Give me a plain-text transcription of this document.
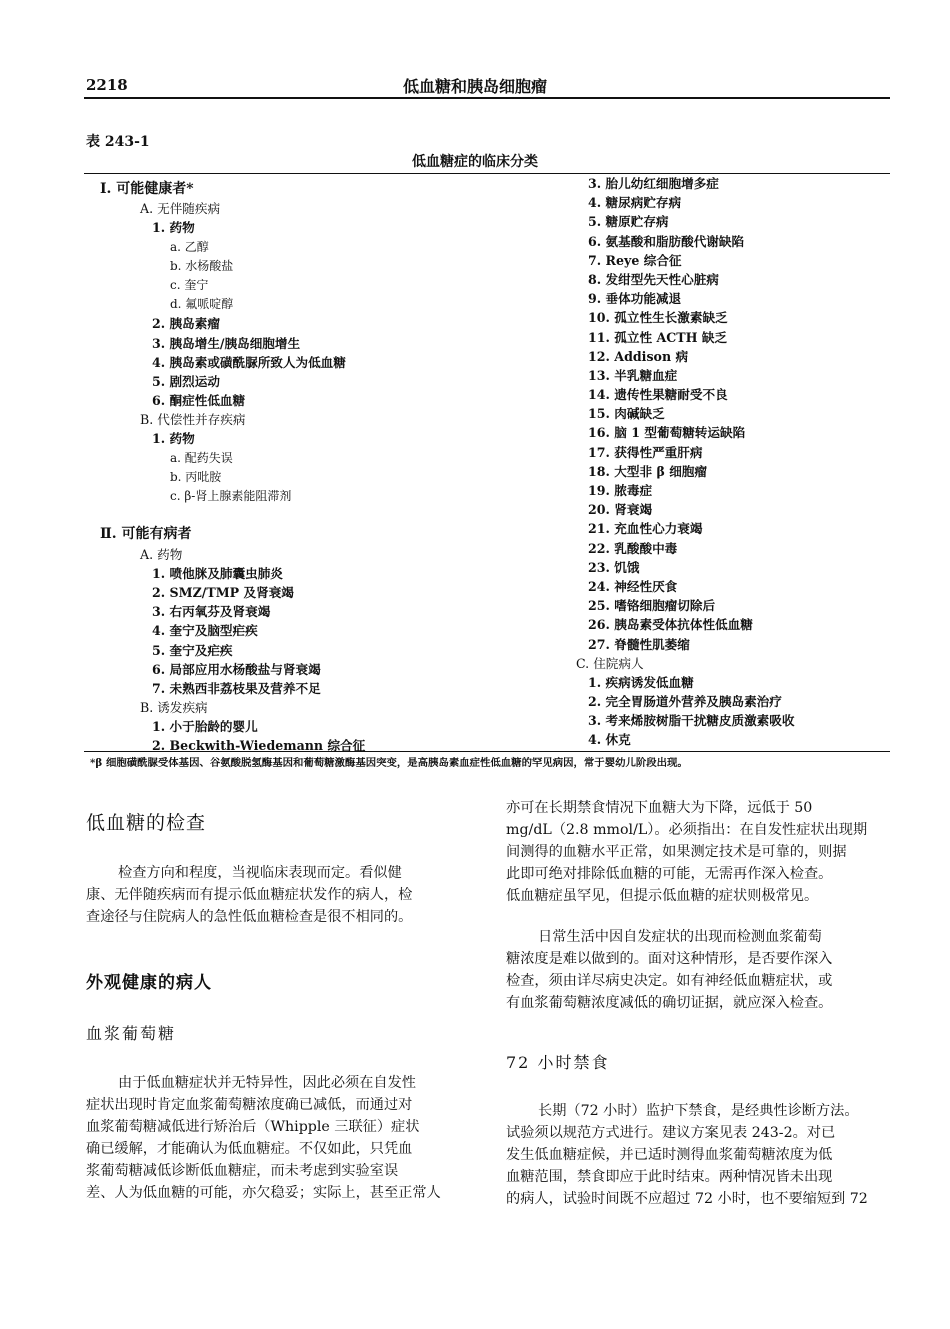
2218	低血糖和胰岛细胞瘤
表 243-1
低血糖症的临床分类
Ⅰ. 可能健康者*
A. 无伴随疾病
1. 药物
a. 乙醇
b. 水杨酸盐
c. 奎宁
d. 氟哌啶醇
2. 胰岛素瘤
3. 胰岛增生/胰岛细胞增生
4. 胰岛素或磺酰脲所致人为低血糖
5. 剧烈运动
6. 酮症性低血糖
B. 代偿性并存疾病
1. 药物
a. 配药失误
b. 丙吡胺
c. β-肾上腺素能阻滞剂
Ⅱ. 可能有病者
A. 药物
1. 喷他脒及肺囊虫肺炎
2. SMZ/TMP 及肾衰竭
3. 右丙氧芬及肾衰竭
4. 奎宁及脑型疟疾
5. 奎宁及疟疾
6. 局部应用水杨酸盐与肾衰竭
7. 未熟西非荔枝果及营养不足
B. 诱发疾病
1. 小于胎龄的婴儿
2. Beckwith-Wiedemann 综合征
3. 胎儿幼红细胞增多症
4. 糖尿病贮存病
5. 糖原贮存病
6. 氨基酸和脂肪酸代谢缺陷
7. Reye 综合征
8. 发绀型先天性心脏病
9. 垂体功能减退
10. 孤立性生长激素缺乏
11. 孤立性 ACTH 缺乏
12. Addison 病
13. 半乳糖血症
14. 遗传性果糖耐受不良
15. 肉碱缺乏
16. 脑 1 型葡萄糖转运缺陷
17. 获得性严重肝病
18. 大型非 β 细胞瘤
19. 脓毒症
20. 肾衰竭
21. 充血性心力衰竭
22. 乳酸酸中毒
23. 饥饿
24. 神经性厌食
25. 嗜铬细胞瘤切除后
26. 胰岛素受体抗体性低血糖
27. 脊髓性肌萎缩
C. 住院病人
1. 疾病诱发低血糖
2. 完全胃肠道外营养及胰岛素治疗
3. 考来烯胺树脂干扰糖皮质激素吸收
4. 休克
*β 细胞磺酰脲受体基因、谷氨酸脱氢酶基因和葡萄糖激酶基因突变，是高胰岛素血症性低血糖的罕见病因，常于婴幼儿阶段出现。
低血糖的检查
检查方向和程度，当视临床表现而定。看似健
康、无伴随疾病而有提示低血糖症状发作的病人，检
查途径与住院病人的急性低血糖检查是很不相同的。
外观健康的病人
血浆葡萄糖
由于低血糖症状并无特异性，因此必须在自发性
症状出现时肯定血浆葡萄糖浓度确已减低，而通过对
血浆葡萄糖减低进行矫治后（Whipple 三联征）症状
确已缓解，才能确认为低血糖症。不仅如此，只凭血
浆葡萄糖减低诊断低血糖症，而未考虑到实验室误
差、人为低血糖的可能，亦欠稳妥；实际上，甚至正常人
亦可在长期禁食情况下血糖大为下降，远低于 50
mg/dL（2.8 mmol/L）。必须指出：在自发性症状出现期
间测得的血糖水平正常，如果测定技术是可靠的，则据
此即可绝对排除低血糖的可能，无需再作深入检查。
低血糖症虽罕见，但提示低血糖的症状则极常见。
日常生活中因自发症状的出现而检测血浆葡萄
糖浓度是难以做到的。面对这种情形，是否要作深入
检查，须由详尽病史决定。如有神经低血糖症状，或
有血浆葡萄糖浓度减低的确切证据，就应深入检查。
72 小时禁食
长期（72 小时）监护下禁食，是经典性诊断方法。
试验须以规范方式进行。建议方案见表 243-2。对已
发生低血糖症候，并已适时测得血浆葡萄糖浓度为低
血糖范围，禁食即应于此时结束。两种情况皆未出现
的病人，试验时间既不应超过 72 小时，也不要缩短到 72
